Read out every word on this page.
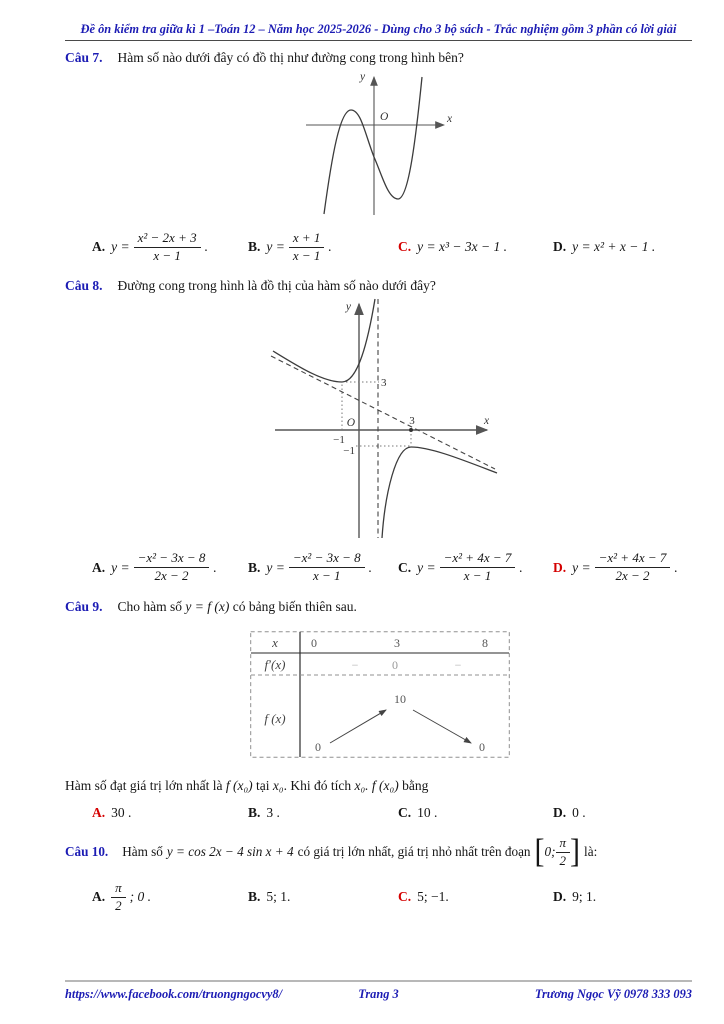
Đề ôn kiểm tra giữa kì 1 –Toán 12 – Năm học 2025-2026 - Dùng cho 3 bộ sách - Trắc nghiệm gồm 3 phần có lời giải
Câu 7. Hàm số nào dưới đây có đồ thị như đường cong trong hình bên?
y
x
O
A. $y = \frac{\text{x² − 2x + 3}}{x - 1}$ .	B. $y = \frac{x + 1}{x - 1}$ .	C. y = x³ − 3x − 1 .	D. y = x² + x − 1 .
Câu 8. Đường cong trong hình là đồ thị của hàm số nào dưới đây?
y
x
O
3
−1
−1
3
A. $y = \frac{\text{−x² − 3x − 8}}{2x - 2}$ . B. $y = \frac{\text{−x² − 3x − 8}}{x - 1}$ . C. $y = \frac{\text{−x² + 4x − 7}}{x - 1}$ . D. $y = \frac{\text{−x² + 4x − 7}}{2x - 2}$ .
Câu 9. Cho hàm số y = f (x) có bảng biến thiên sau.
x	0	3	8
f′(x)	−	0	−
f (x)
0
10
0
Hàm số đạt giá trị lớn nhất là f (x₀) tại x₀. Khi đó tích x₀. f (x₀) bằng
A. 30 .	B. 3 .	C. 10 .	D. 0 .
Câu 10. Hàm số y = cos 2x − 4 sin x + 4 có giá trị lớn nhất, giá trị nhỏ nhất trên đoạn [ 0; $\frac{\pi}{2}$ ] là:
A. $\frac{\pi}{2}$ ; 0 .	B. 5; 1.	C. 5; −1.	D. 9; 1.
https://www.facebook.com/truongngocvy8/	Trang 3	Trương Ngọc Vỹ 0978 333 093
